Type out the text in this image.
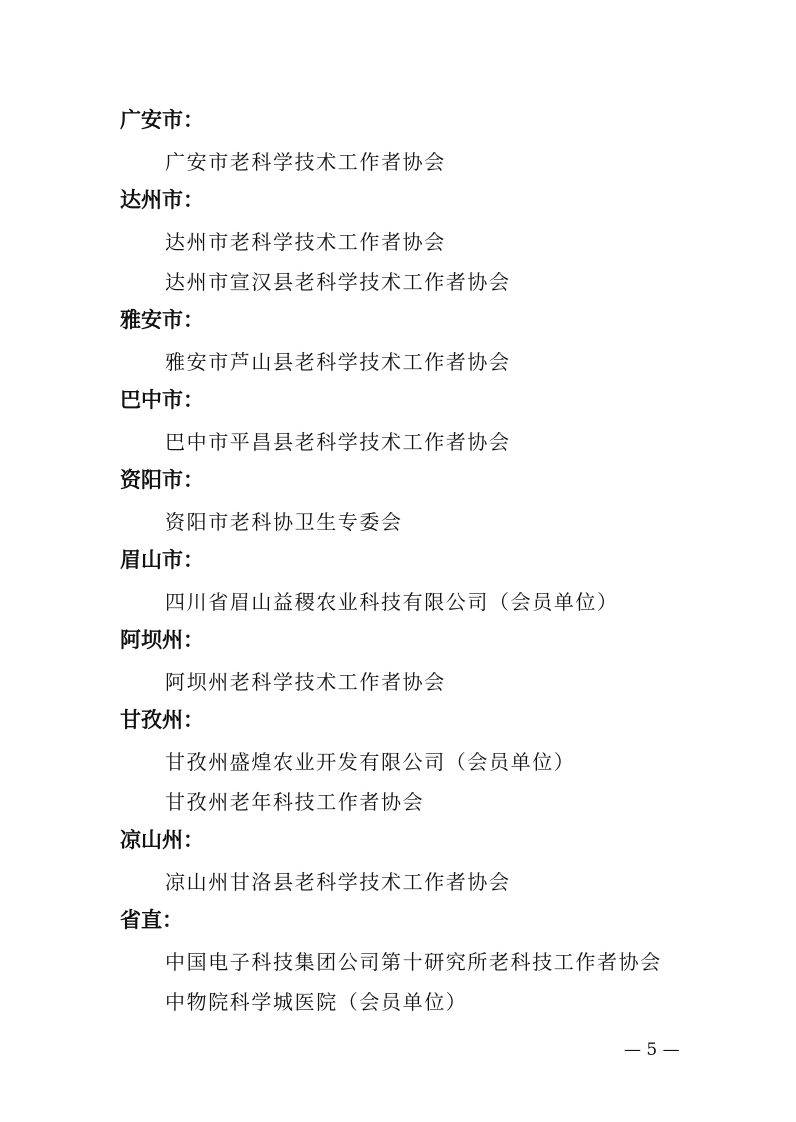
广安市：
广安市老科学技术工作者协会
达州市：
达州市老科学技术工作者协会
达州市宣汉县老科学技术工作者协会
雅安市：
雅安市芦山县老科学技术工作者协会
巴中市：
巴中市平昌县老科学技术工作者协会
资阳市：
资阳市老科协卫生专委会
眉山市：
四川省眉山益稷农业科技有限公司（会员单位）
阿坝州：
阿坝州老科学技术工作者协会
甘孜州：
甘孜州盛煌农业开发有限公司（会员单位）
甘孜州老年科技工作者协会
凉山州：
凉山州甘洛县老科学技术工作者协会
省直：
中国电子科技集团公司第十研究所老科技工作者协会
中物院科学城医院（会员单位）
— 5 —
